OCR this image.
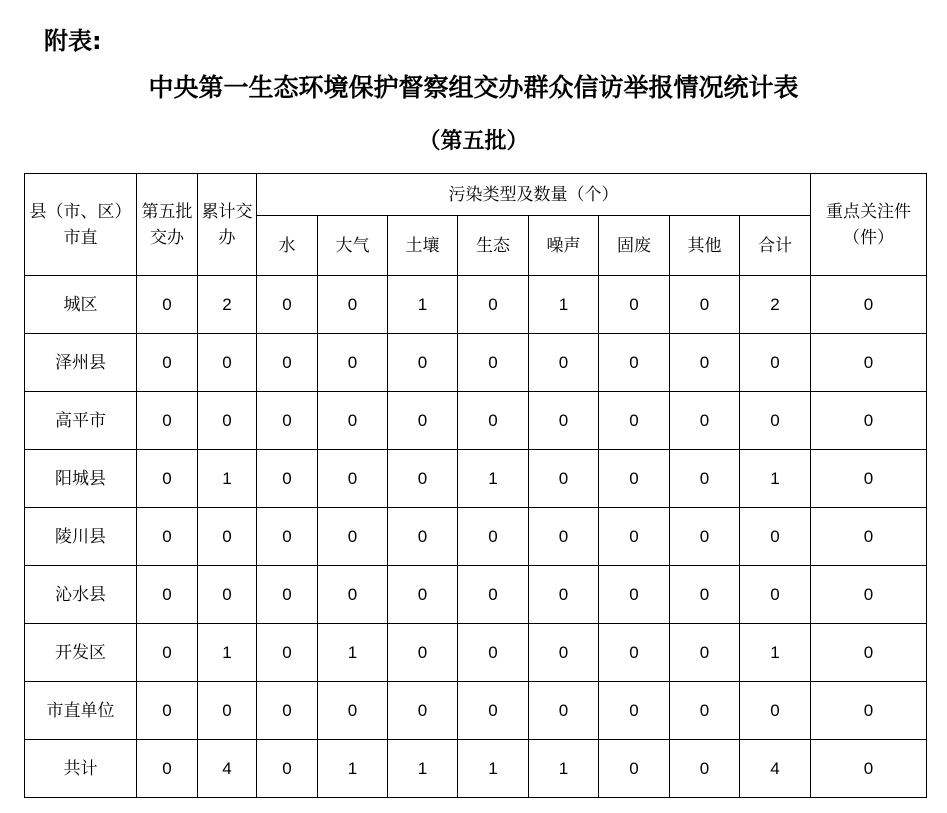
附表:
中央第一生态环境保护督察组交办群众信访举报情况统计表
（第五批）
县（市、区）市直	第五批交办	累计交办	污染类型及数量（个）								重点关注件（件）
			水	大气	土壤	生态	噪声	固废	其他	合计	
城区	0	2	0	0	1	0	1	0	0	2	0
泽州县	0	0	0	0	0	0	0	0	0	0	0
高平市	0	0	0	0	0	0	0	0	0	0	0
阳城县	0	1	0	0	0	1	0	0	0	1	0
陵川县	0	0	0	0	0	0	0	0	0	0	0
沁水县	0	0	0	0	0	0	0	0	0	0	0
开发区	0	1	0	1	0	0	0	0	0	1	0
市直单位	0	0	0	0	0	0	0	0	0	0	0
共计	0	4	0	1	1	1	1	0	0	4	0
